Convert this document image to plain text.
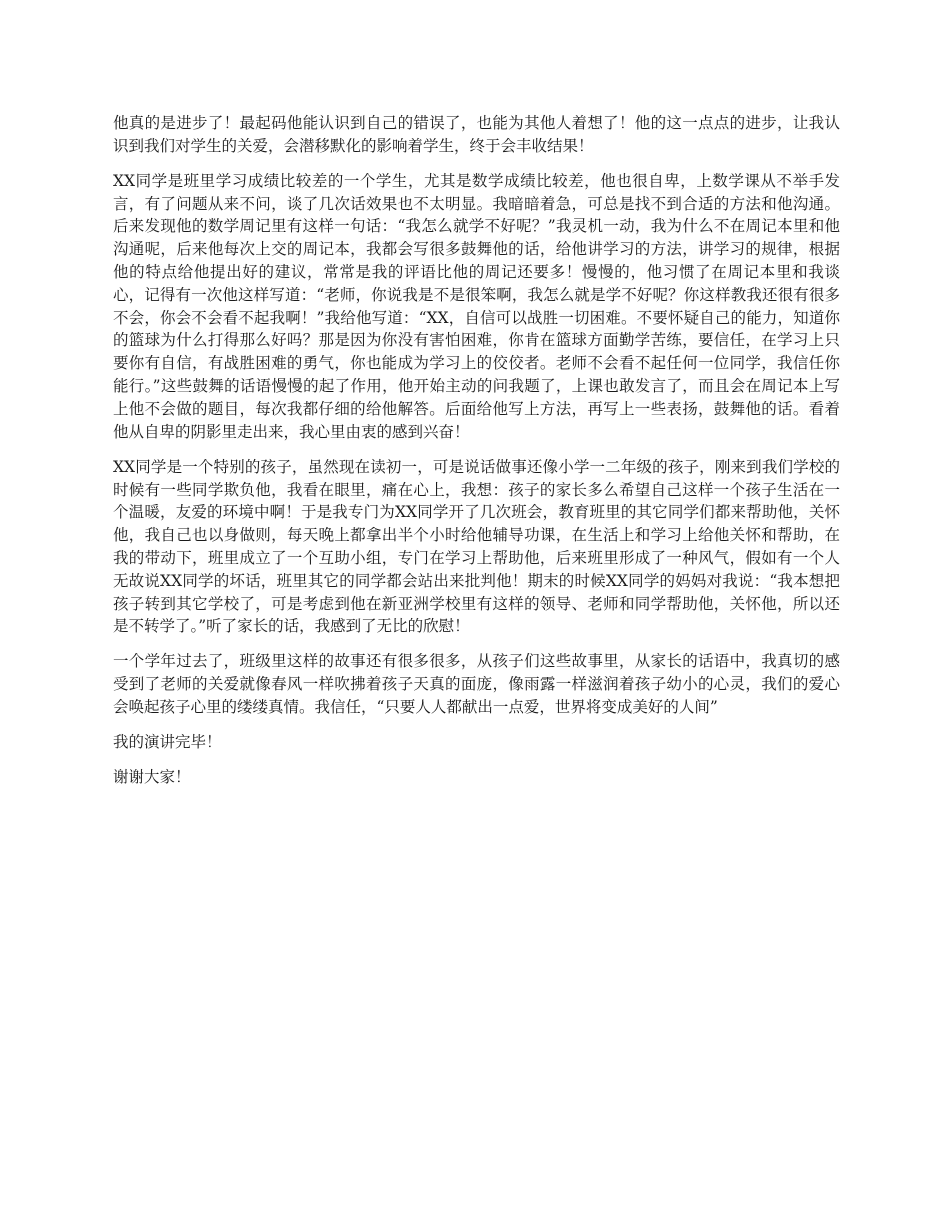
他真的是进步了！最起码他能认识到自己的错误了，也能为其他人着想了！他的这一点点的进步，让我认识到我们对学生的关爱，会潜移默化的影响着学生，终于会丰收结果！

XX同学是班里学习成绩比较差的一个学生，尤其是数学成绩比较差，他也很自卑，上数学课从不举手发言，有了问题从来不问，谈了几次话效果也不太明显。我暗暗着急，可总是找不到合适的方法和他沟通。后来发现他的数学周记里有这样一句话：“我怎么就学不好呢？”我灵机一动，我为什么不在周记本里和他沟通呢，后来他每次上交的周记本，我都会写很多鼓舞他的话，给他讲学习的方法，讲学习的规律，根据他的特点给他提出好的建议，常常是我的评语比他的周记还要多！慢慢的，他习惯了在周记本里和我谈心，记得有一次他这样写道：“老师，你说我是不是很笨啊，我怎么就是学不好呢？你这样教我还很有很多不会，你会不会看不起我啊！”我给他写道：“XX，自信可以战胜一切困难。不要怀疑自己的能力，知道你的篮球为什么打得那么好吗？那是因为你没有害怕困难，你肯在篮球方面勤学苦练，要信任，在学习上只要你有自信，有战胜困难的勇气，你也能成为学习上的佼佼者。老师不会看不起任何一位同学，我信任你能行。”这些鼓舞的话语慢慢的起了作用，他开始主动的问我题了，上课也敢发言了，而且会在周记本上写上他不会做的题目，每次我都仔细的给他解答。后面给他写上方法，再写上一些表扬，鼓舞他的话。看着他从自卑的阴影里走出来，我心里由衷的感到兴奋！

XX同学是一个特别的孩子，虽然现在读初一，可是说话做事还像小学一二年级的孩子，刚来到我们学校的时候有一些同学欺负他，我看在眼里，痛在心上，我想：孩子的家长多么希望自己这样一个孩子生活在一个温暖，友爱的环境中啊！于是我专门为XX同学开了几次班会，教育班里的其它同学们都来帮助他，关怀他，我自己也以身做则，每天晚上都拿出半个小时给他辅导功课，在生活上和学习上给他关怀和帮助，在我的带动下，班里成立了一个互助小组，专门在学习上帮助他，后来班里形成了一种风气，假如有一个人无故说XX同学的坏话，班里其它的同学都会站出来批判他！期末的时候XX同学的妈妈对我说：“我本想把孩子转到其它学校了，可是考虑到他在新亚洲学校里有这样的领导、老师和同学帮助他，关怀他，所以还是不转学了。”听了家长的话，我感到了无比的欣慰！

一个学年过去了，班级里这样的故事还有很多很多，从孩子们这些故事里，从家长的话语中，我真切的感受到了老师的关爱就像春风一样吹拂着孩子天真的面庞，像雨露一样滋润着孩子幼小的心灵，我们的爱心会唤起孩子心里的缕缕真情。我信任，“只要人人都献出一点爱，世界将变成美好的人间”

我的演讲完毕！

谢谢大家！
